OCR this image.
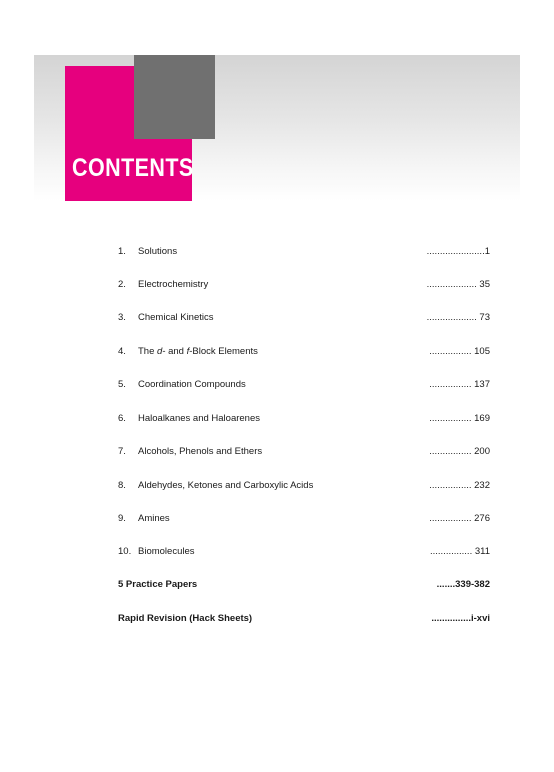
CONTENTS
1. Solutions	......................1
2. Electrochemistry	................... 35
3. Chemical Kinetics	................... 73
4. The d- and f-Block Elements	................ 105
5. Coordination Compounds	................ 137
6. Haloalkanes and Haloarenes	................ 169
7. Alcohols, Phenols and Ethers	................ 200
8. Aldehydes, Ketones and Carboxylic Acids	................ 232
9. Amines	................ 276
10. Biomolecules	................ 311
5 Practice Papers	.......339-382
Rapid Revision (Hack Sheets)	...............i-xvi
